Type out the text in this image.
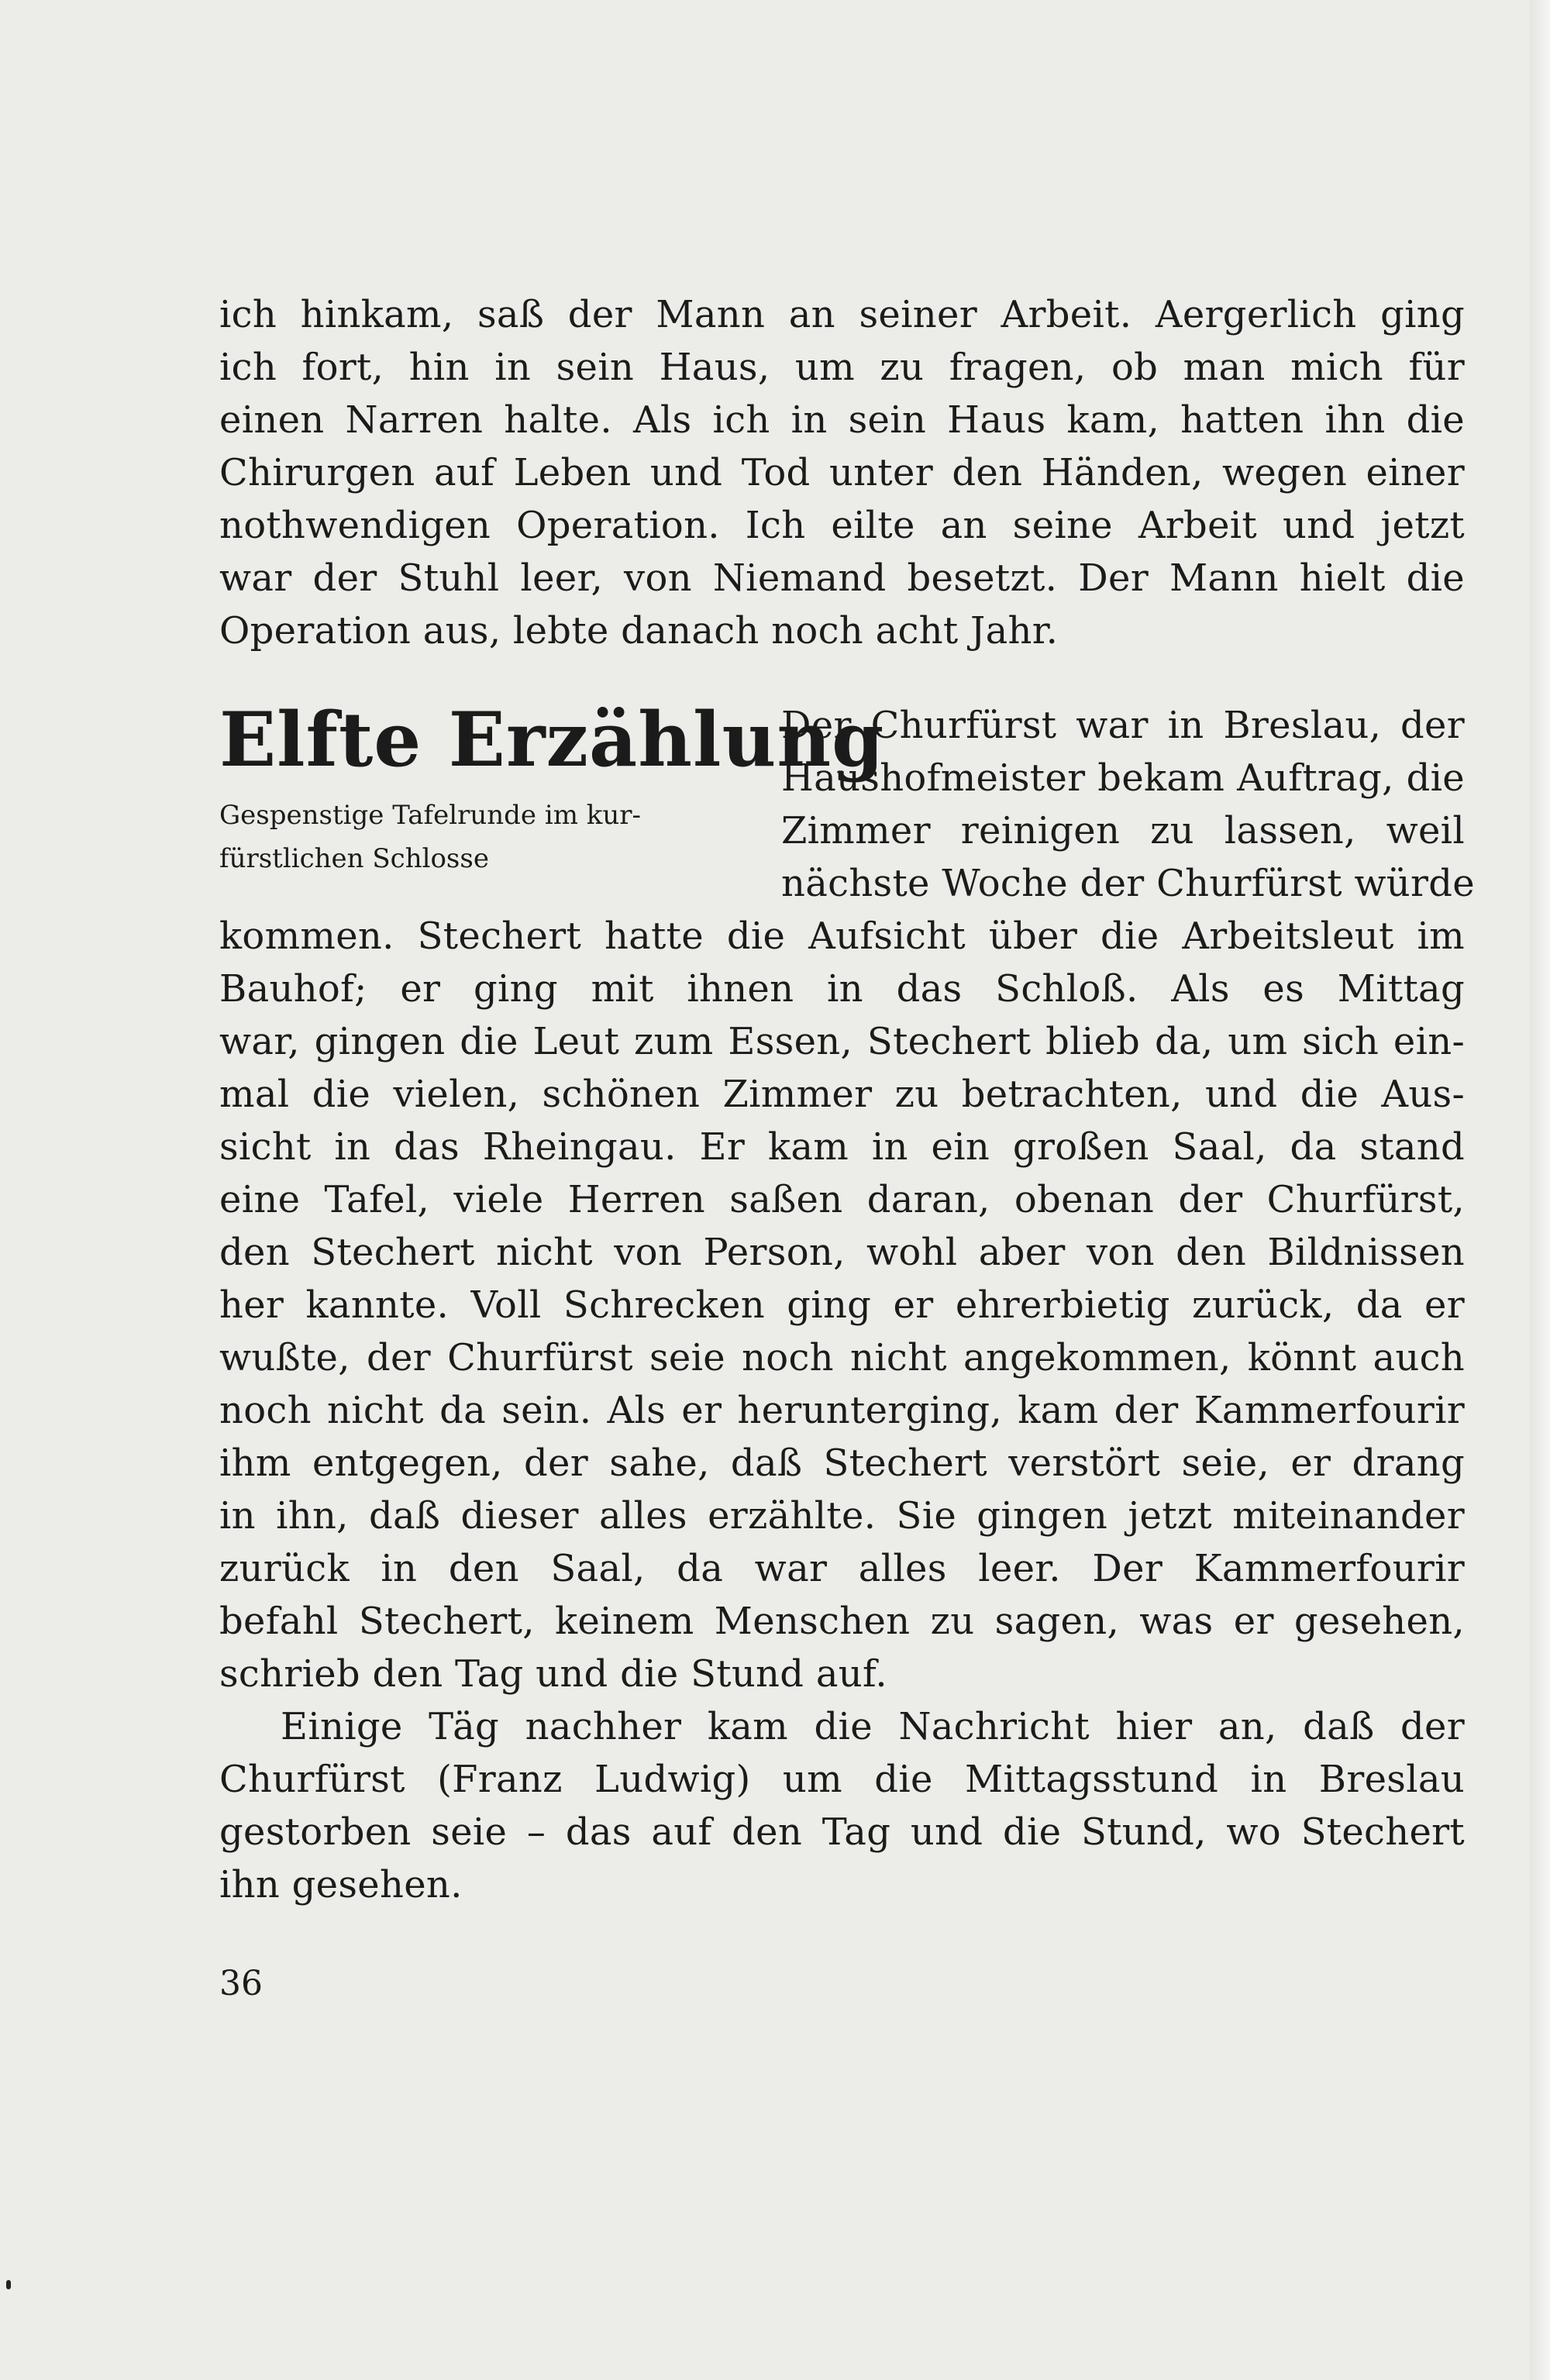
ich hinkam, saß der Mann an seiner Arbeit. Aergerlich ging
ich fort, hin in sein Haus, um zu fragen, ob man mich für
einen Narren halte. Als ich in sein Haus kam, hatten ihn die
Chirurgen auf Leben und Tod unter den Händen, wegen einer
nothwendigen Operation. Ich eilte an seine Arbeit und jetzt
war der Stuhl leer, von Niemand besetzt. Der Mann hielt die
Operation aus, lebte danach noch acht Jahr.
Elfte Erzählung
Gespenstige Tafelrunde im kur-
fürstlichen Schlosse
Der Churfürst war in Breslau, der
Haushofmeister bekam Auftrag, die
Zimmer reinigen zu lassen, weil
nächste Woche der Churfürst würde
kommen. Stechert hatte die Aufsicht über die Arbeitsleut im
Bauhof; er ging mit ihnen in das Schloß. Als es Mittag
war, gingen die Leut zum Essen, Stechert blieb da, um sich ein-
mal die vielen, schönen Zimmer zu betrachten, und die Aus-
sicht in das Rheingau. Er kam in ein großen Saal, da stand
eine Tafel, viele Herren saßen daran, obenan der Churfürst,
den Stechert nicht von Person, wohl aber von den Bildnissen
her kannte. Voll Schrecken ging er ehrerbietig zurück, da er
wußte, der Churfürst seie noch nicht angekommen, könnt auch
noch nicht da sein. Als er herunterging, kam der Kammerfourir
ihm entgegen, der sahe, daß Stechert verstört seie, er drang
in ihn, daß dieser alles erzählte. Sie gingen jetzt miteinander
zurück in den Saal, da war alles leer. Der Kammerfourir
befahl Stechert, keinem Menschen zu sagen, was er gesehen,
schrieb den Tag und die Stund auf.
Einige Täg nachher kam die Nachricht hier an, daß der
Churfürst (Franz Ludwig) um die Mittagsstund in Breslau
gestorben seie – das auf den Tag und die Stund, wo Stechert
ihn gesehen.
36
